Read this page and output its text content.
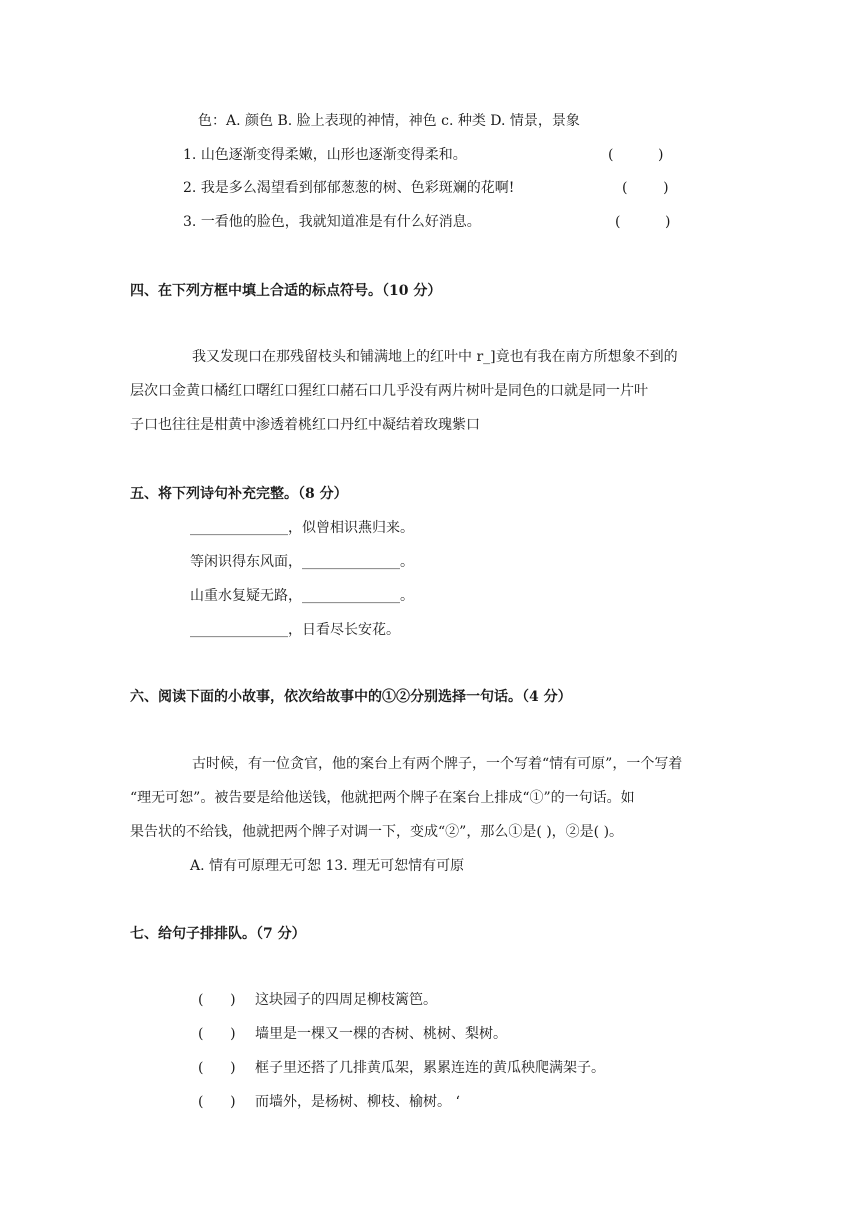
色：A. 颜色 B. 脸上表现的神情，神色 c. 种类 D. 情景，景象
1. 山色逐渐变得柔嫩，山形也逐渐变得柔和。	(          )
2. 我是多么渴望看到郁郁葱葱的树、色彩斑斓的花啊!	(        )
3. 一看他的脸色，我就知道准是有什么好消息。	(          )
四、在下列方框中填上合适的标点符号。（10 分）
我又发现口在那残留枝头和铺满地上的红叶中 r_]竟也有我在南方所想象不到的
层次口金黄口橘红口曙红口猩红口赭石口几乎没有两片树叶是同色的口就是同一片叶
子口也往往是柑黄中渗透着桃红口丹红中凝结着玫瑰紫口
五、将下列诗句补充完整。（8 分）
______________，似曾相识燕归来。
等闲识得东风面，______________。
山重水复疑无路，______________。
______________，日看尽长安花。
六、阅读下面的小故事，依次给故事中的①②分别选择一句话。（4 分）
古时候，有一位贪官，他的案台上有两个牌子，一个写着“情有可原”，一个写着
“理无可恕”。被告要是给他送钱，他就把两个牌子在案台上排成“①”的一句话。如
果告状的不给钱，他就把两个牌子对调一下，变成“②”，那么①是( )，②是( )。
A. 情有可原理无可恕 13. 理无可恕情有可原
七、给句子排排队。（7 分）
(      ) 这块园子的四周足柳枝篱笆。
(      ) 墙里是一棵又一棵的杏树、桃树、梨树。
(      ) 框子里还搭了几排黄瓜架，累累连连的黄瓜秧爬满架子。
(      ) 而墙外，是杨树、柳枝、榆树。 ‘
